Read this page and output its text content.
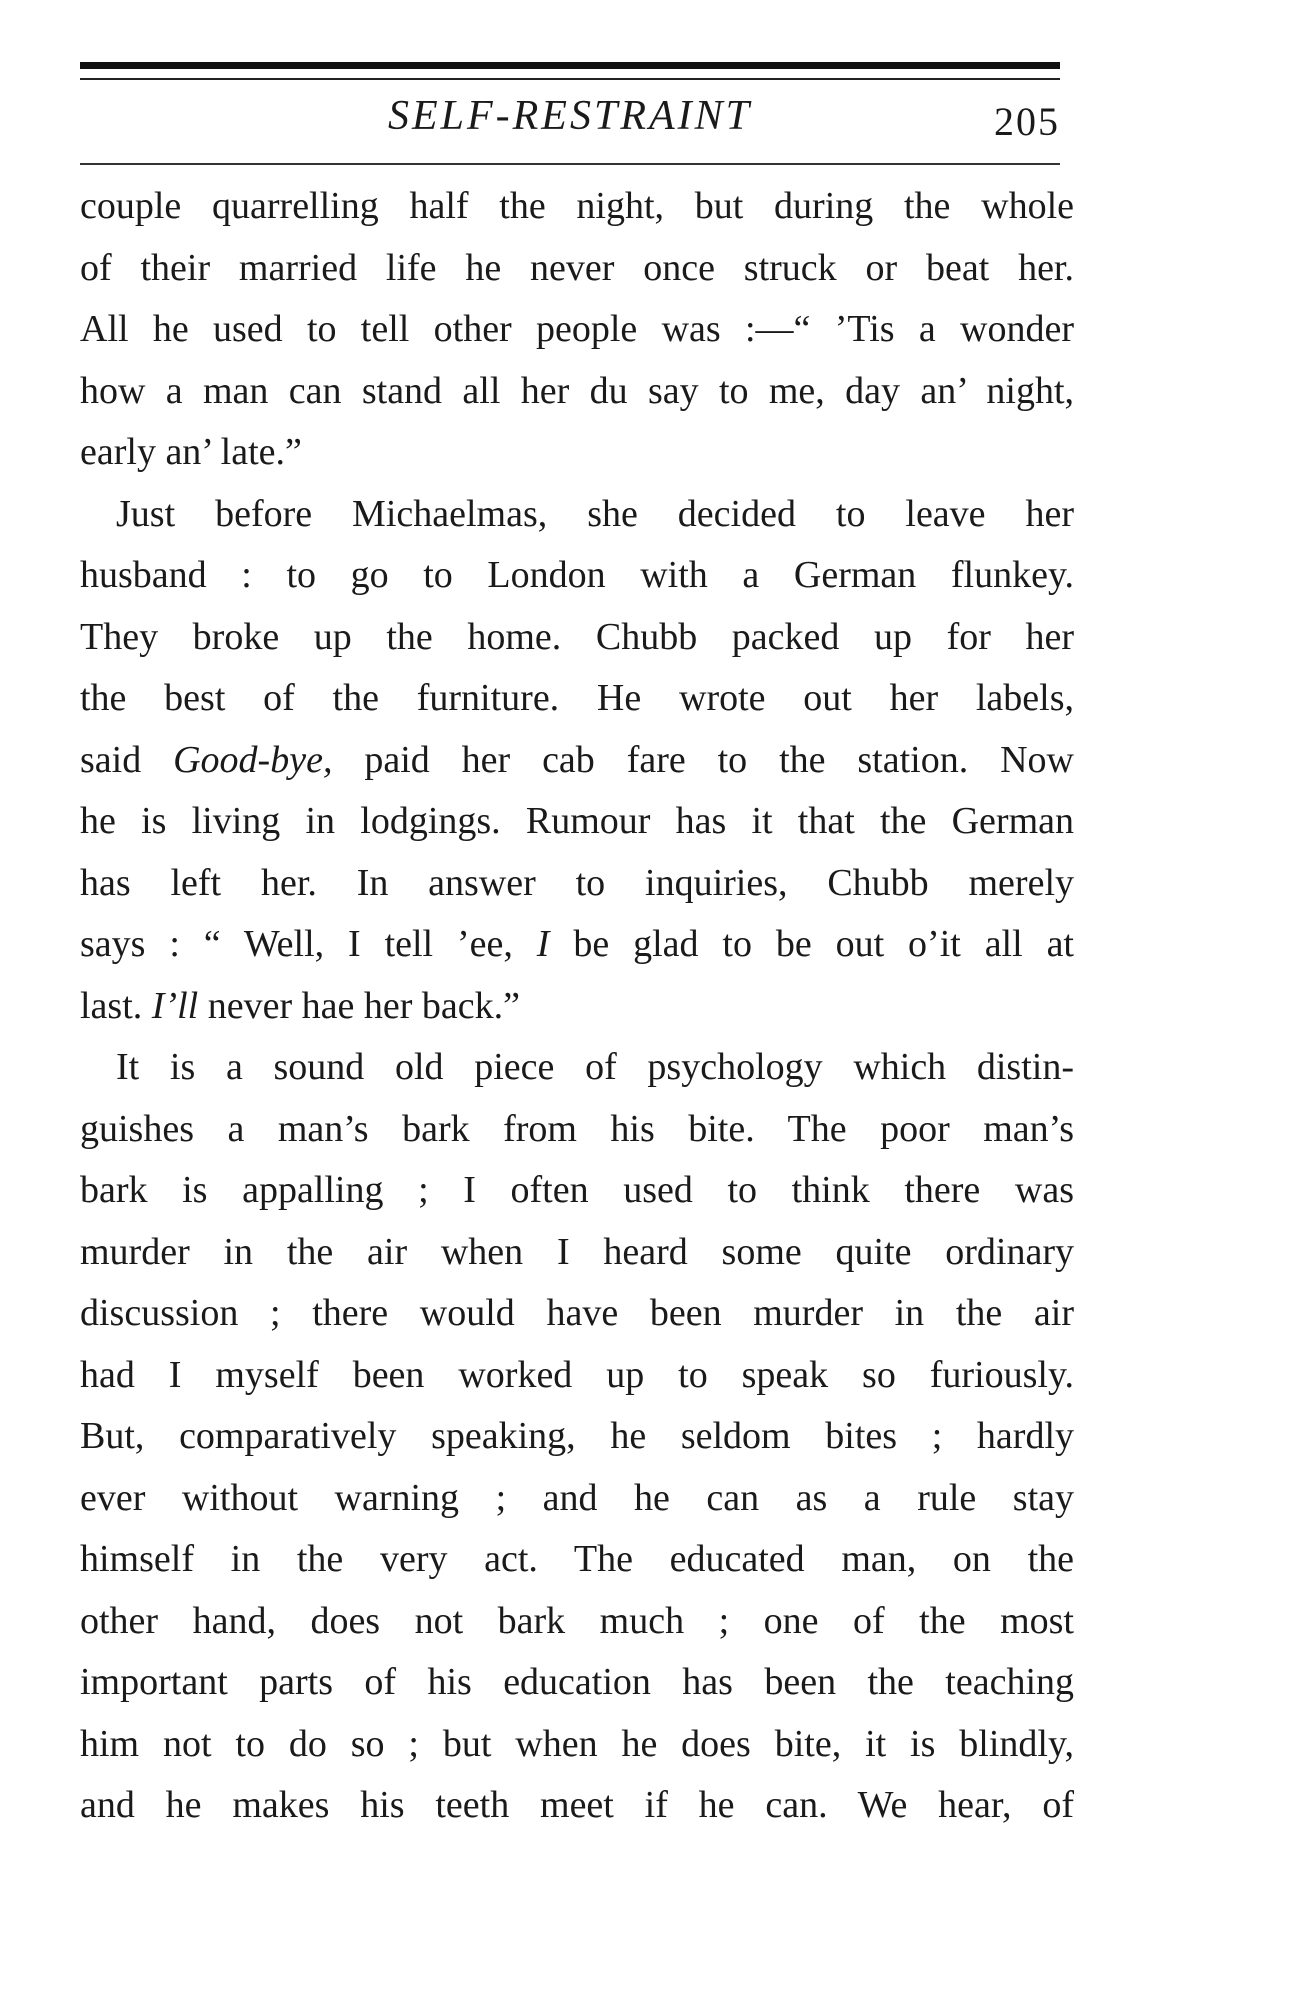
SELF-RESTRAINT	205
couple quarrelling half the night, but during the whole
of their married life he never once struck or beat her.
All he used to tell other people was :—“ ’Tis a wonder
how a man can stand all her du say to me, day an’ night,
early an’ late.”
Just before Michaelmas, she decided to leave her
husband : to go to London with a German flunkey.
They broke up the home. Chubb packed up for her
the best of the furniture. He wrote out her labels,
said Good-bye, paid her cab fare to the station. Now
he is living in lodgings. Rumour has it that the German
has left her. In answer to inquiries, Chubb merely
says : “ Well, I tell ’ee, I be glad to be out o’it all at
last. I’ll never hae her back.”
It is a sound old piece of psychology which distin-
guishes a man’s bark from his bite. The poor man’s
bark is appalling ; I often used to think there was
murder in the air when I heard some quite ordinary
discussion ; there would have been murder in the air
had I myself been worked up to speak so furiously.
But, comparatively speaking, he seldom bites ; hardly
ever without warning ; and he can as a rule stay
himself in the very act. The educated man, on the
other hand, does not bark much ; one of the most
important parts of his education has been the teaching
him not to do so ; but when he does bite, it is blindly,
and he makes his teeth meet if he can. We hear, of
